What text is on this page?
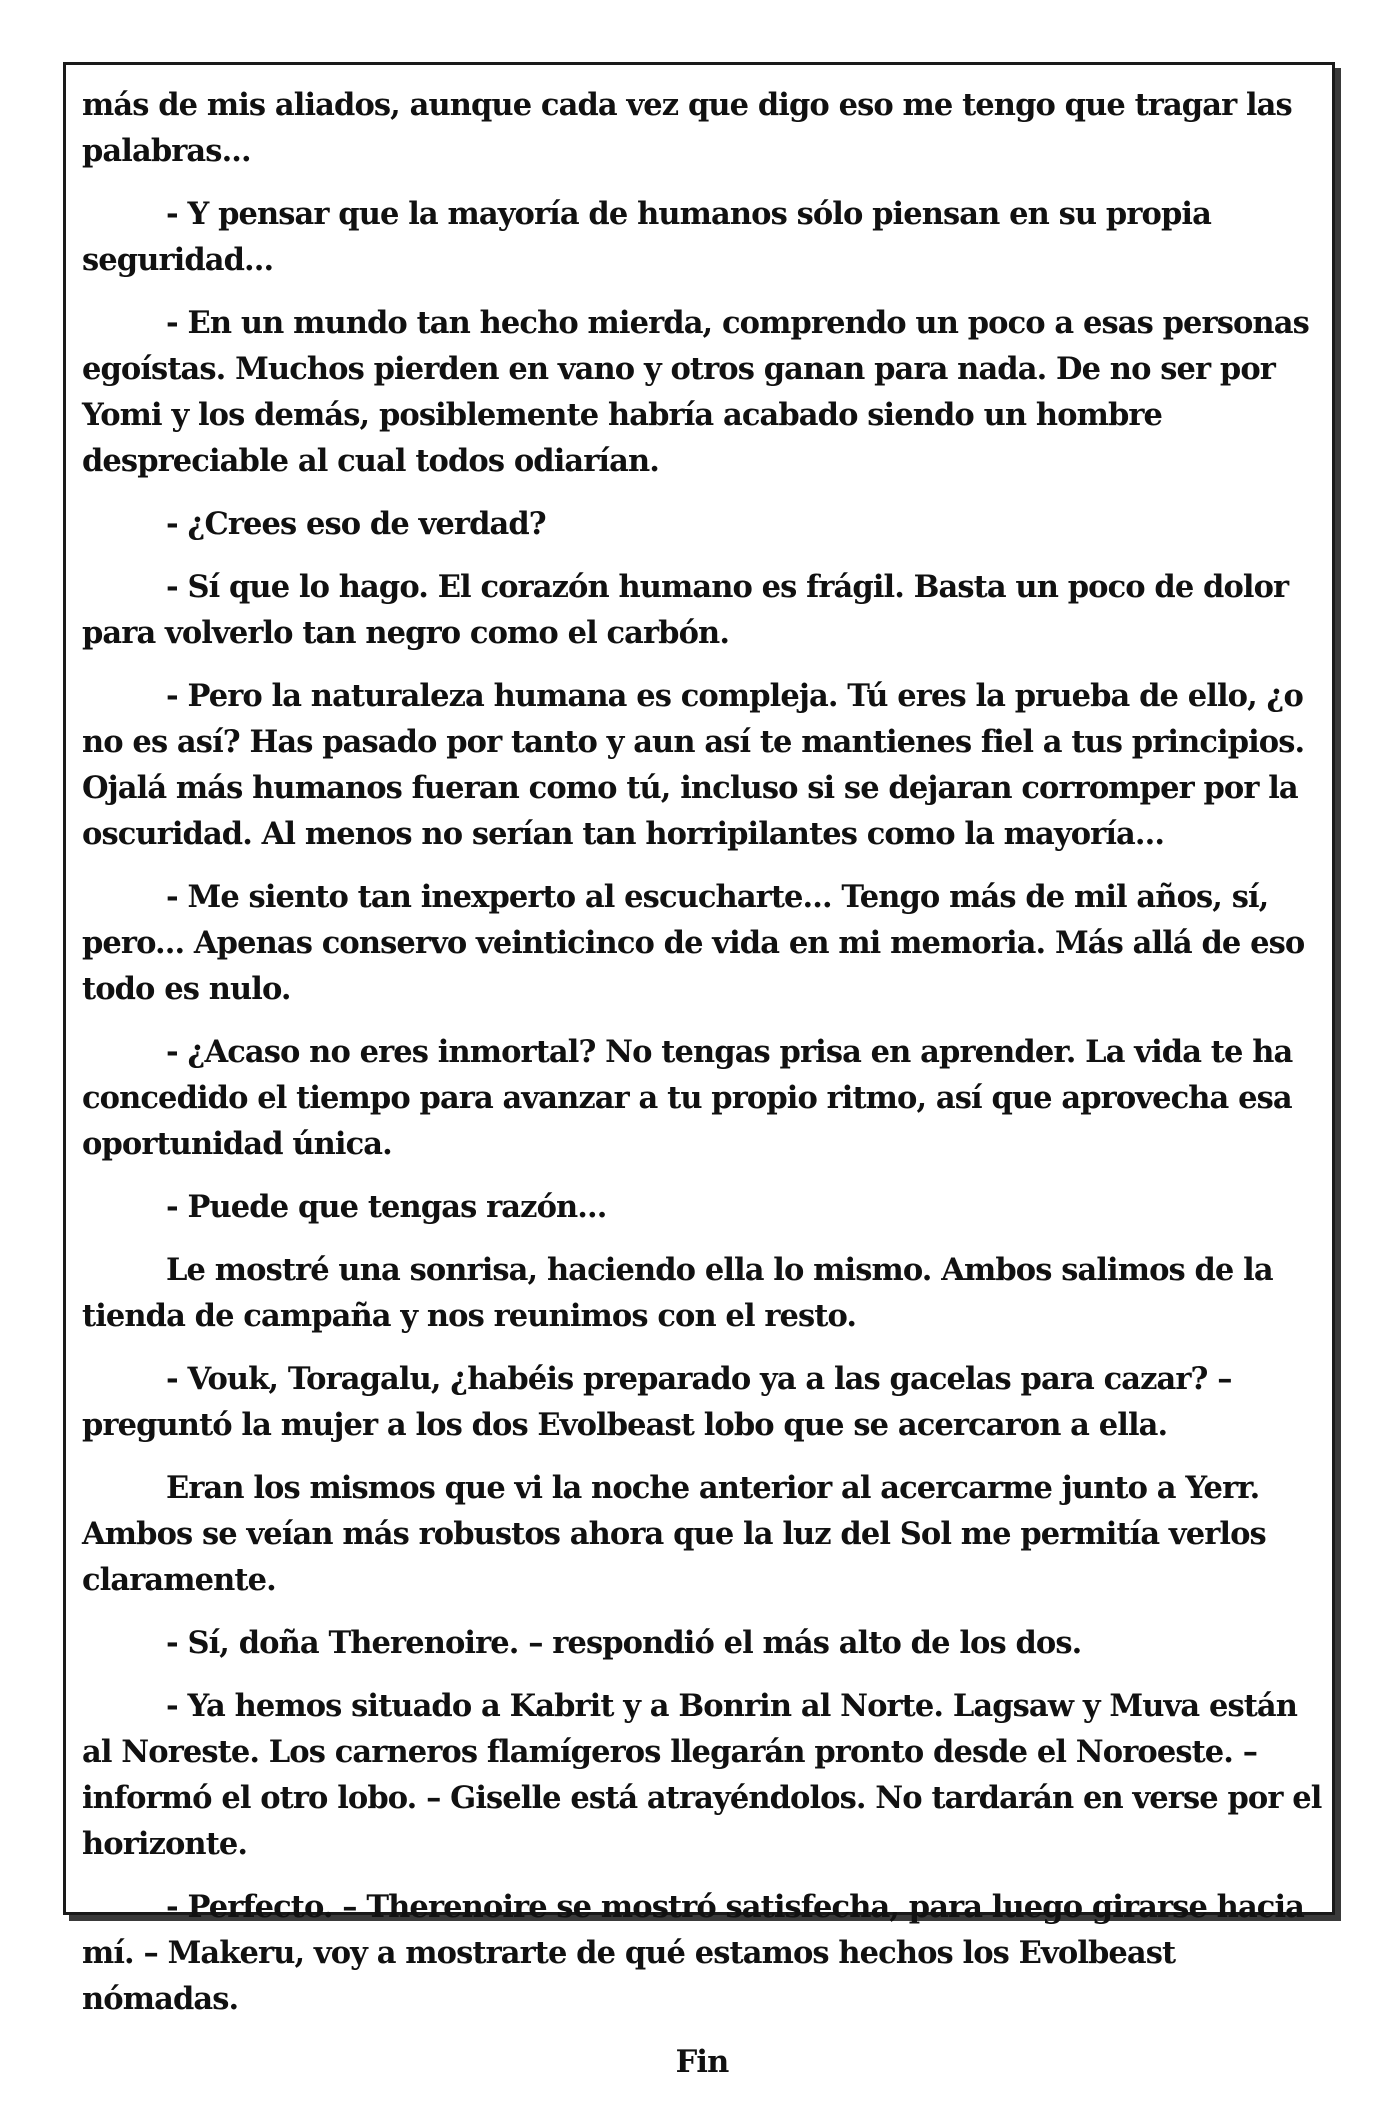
más de mis aliados, aunque cada vez que digo eso me tengo que tragar las palabras...

- Y pensar que la mayoría de humanos sólo piensan en su propia seguridad...

- En un mundo tan hecho mierda, comprendo un poco a esas personas egoístas. Muchos pierden en vano y otros ganan para nada. De no ser por Yomi y los demás, posiblemente habría acabado siendo un hombre despreciable al cual todos odiarían.

- ¿Crees eso de verdad?

- Sí que lo hago. El corazón humano es frágil. Basta un poco de dolor para volverlo tan negro como el carbón.

- Pero la naturaleza humana es compleja. Tú eres la prueba de ello, ¿o no es así? Has pasado por tanto y aun así te mantienes fiel a tus principios. Ojalá más humanos fueran como tú, incluso si se dejaran corromper por la oscuridad. Al menos no serían tan horripilantes como la mayoría...

- Me siento tan inexperto al escucharte... Tengo más de mil años, sí, pero... Apenas conservo veinticinco de vida en mi memoria. Más allá de eso todo es nulo.

- ¿Acaso no eres inmortal? No tengas prisa en aprender. La vida te ha concedido el tiempo para avanzar a tu propio ritmo, así que aprovecha esa oportunidad única.

- Puede que tengas razón...

Le mostré una sonrisa, haciendo ella lo mismo. Ambos salimos de la tienda de campaña y nos reunimos con el resto.

- Vouk, Toragalu, ¿habéis preparado ya a las gacelas para cazar? – preguntó la mujer a los dos Evolbeast lobo que se acercaron a ella.

Eran los mismos que vi la noche anterior al acercarme junto a Yerr. Ambos se veían más robustos ahora que la luz del Sol me permitía verlos claramente.

- Sí, doña Therenoire. – respondió el más alto de los dos.

- Ya hemos situado a Kabrit y a Bonrin al Norte. Lagsaw y Muva están al Noreste. Los carneros flamígeros llegarán pronto desde el Noroeste. – informó el otro lobo. – Giselle está atrayéndolos. No tardarán en verse por el horizonte.

- Perfecto. – Therenoire se mostró satisfecha, para luego girarse hacia mí. – Makeru, voy a mostrarte de qué estamos hechos los Evolbeast nómadas.

Fin
